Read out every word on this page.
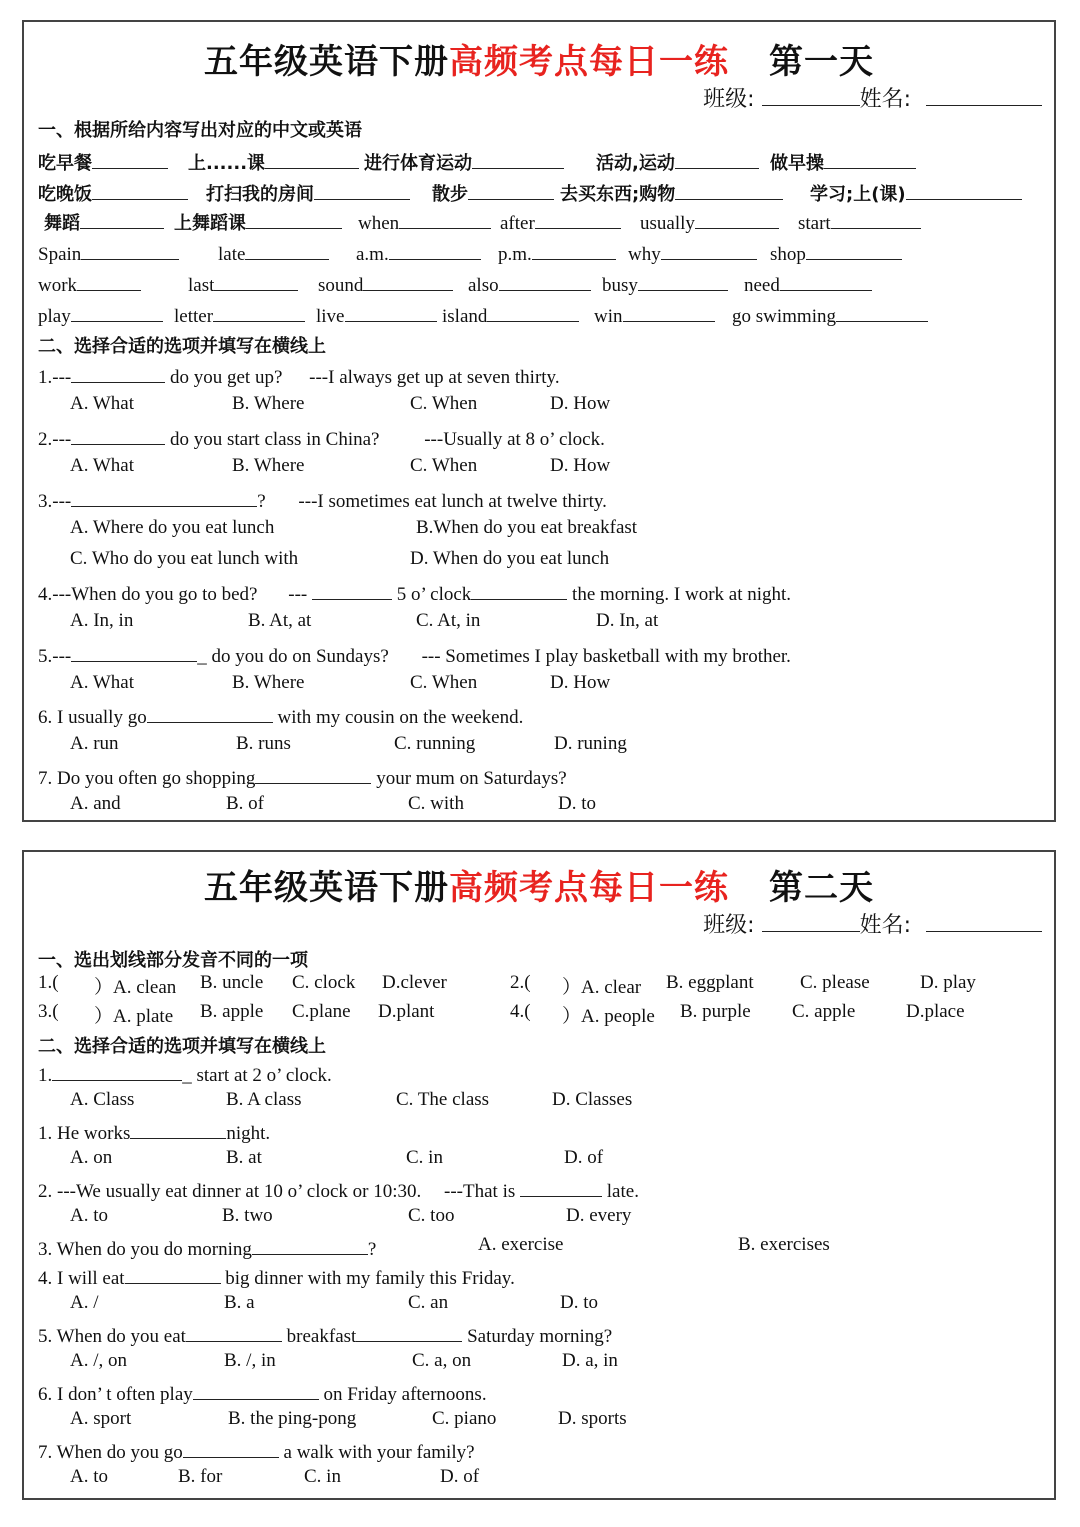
五年级英语下册高频考点每日一练 第一天
班级:	姓名:
一、根据所给内容写出对应的中文或英语
吃早餐	上......课	进行体育运动	活动,运动	做早操
吃晚饭	打扫我的房间	散步	去买东西;购物	学习;上(课)
舞蹈	上舞蹈课	when	after	usually	start
Spain	late	a.m.	p.m.	why	shop
work	last	sound	also	busy	need
play	letter	live	island	win	go swimming
二、选择合适的选项并填写在横线上
1.---	do you get up? ---I always get up at seven thirty.
A. What	B. Where	C. When	D. How
2.---	do you start class in China? ---Usually at 8 o’ clock.
A. What	B. Where	C. When	D. How
3.---	? ---I sometimes eat lunch at twelve thirty.
A. Where do you eat lunch	B.When do you eat breakfast
C. Who do you eat lunch with	D. When do you eat lunch
4.---When do you go to bed? ---	5 o’ clock	the morning. I work at night.
A. In, in	B. At, at	C. At, in	D. In, at
5.---	_ do you do on Sundays? --- Sometimes I play basketball with my brother.
A. What	B. Where	C. When	D. How
6. I usually go	with my cousin on the weekend.
A. run	B. runs	C. running	D. runing
7. Do you often go shopping	your mum on Saturdays?
A. and	B. of	C. with	D. to
五年级英语下册高频考点每日一练 第二天
班级:	姓名:
一、选出划线部分发音不同的一项
1.( ）A. clean B. uncle C. clock D.clever	2.( ）A. clear B. eggplant C. please	D. play
3.( ）A. plate B. apple C.plane D.plant	4.( ）A. people B. purple C. apple	D.place
二、选择合适的选项并填写在横线上
1.	_ start at 2 o’ clock.
A. Class	B. A class	C. The class	D. Classes
1. He works	night.
A. on	B. at	C. in	D. of
2. ---We usually eat dinner at 10 o’ clock or 10:30. ---That is	late.
A. to	B. two	C. too	D. every
3. When do you do morning	?	A. exercise	B. exercises
4. I will eat	big dinner with my family this Friday.
A. /	B. a	C. an	D. to
5. When do you eat	breakfast	Saturday morning?
A. /, on	B. /, in	C. a, on	D. a, in
6. I don’ t often play	on Friday afternoons.
A. sport	B. the ping-pong	C. piano	D. sports
7. When do you go	a walk with your family?
A. to	B. for	C. in	D. of
